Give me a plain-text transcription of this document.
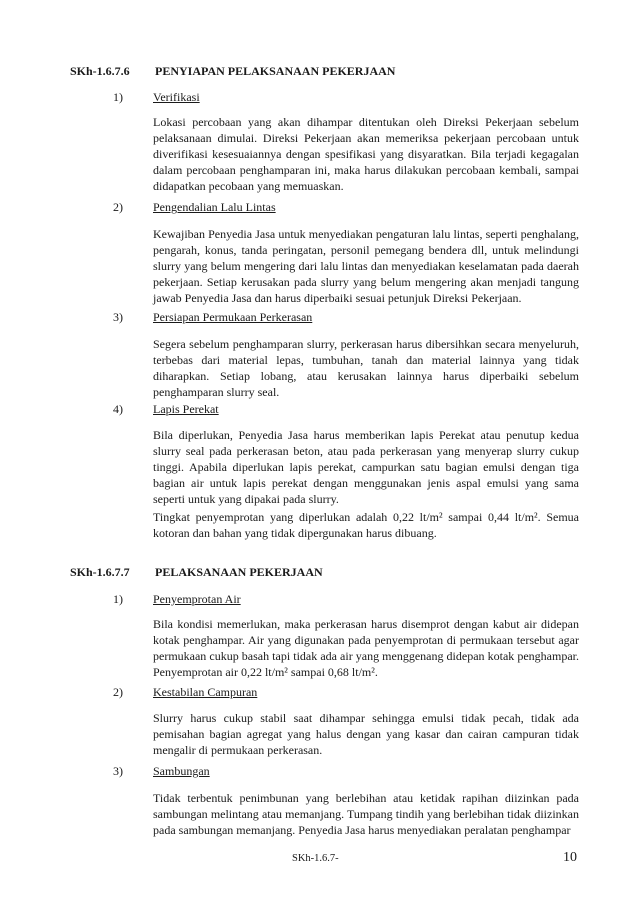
SKh-1.6.7.6 PENYIAPAN PELAKSANAAN PEKERJAAN
1)	Verifikasi

Lokasi percobaan yang akan dihampar ditentukan oleh Direksi Pekerjaan sebelum pelaksanaan dimulai. Direksi Pekerjaan akan memeriksa pekerjaan percobaan untuk diverifikasi kesesuaiannya dengan spesifikasi yang disyaratkan. Bila terjadi kegagalan dalam percobaan penghamparan ini, maka harus dilakukan percobaan kembali, sampai didapatkan pecobaan yang memuaskan.

2)	Pengendalian Lalu Lintas

Kewajiban Penyedia Jasa untuk menyediakan pengaturan lalu lintas, seperti penghalang, pengarah, konus, tanda peringatan, personil pemegang bendera dll, untuk melindungi slurry yang belum mengering dari lalu lintas dan menyediakan keselamatan pada daerah pekerjaan. Setiap kerusakan pada slurry yang belum mengering akan menjadi tangung jawab Penyedia Jasa dan harus diperbaiki sesuai petunjuk Direksi Pekerjaan.

3)	Persiapan Permukaan Perkerasan

Segera sebelum penghamparan slurry, perkerasan harus dibersihkan secara menyeluruh, terbebas dari material lepas, tumbuhan, tanah dan material lainnya yang tidak diharapkan. Setiap lobang, atau kerusakan lainnya harus diperbaiki sebelum penghamparan slurry seal.

4)	Lapis Perekat

Bila diperlukan, Penyedia Jasa harus memberikan lapis Perekat atau penutup kedua slurry seal pada perkerasan beton, atau pada perkerasan yang menyerap slurry cukup tinggi. Apabila diperlukan lapis perekat, campurkan satu bagian emulsi dengan tiga bagian air untuk lapis perekat dengan menggunakan jenis aspal emulsi yang sama seperti untuk yang dipakai pada slurry.

Tingkat penyemprotan yang diperlukan adalah 0,22 lt/m² sampai 0,44 lt/m². Semua kotoran dan bahan yang tidak dipergunakan harus dibuang.

SKh-1.6.7.7 PELAKSANAAN PEKERJAAN
1)	Penyemprotan Air

Bila kondisi memerlukan, maka perkerasan harus disemprot dengan kabut air didepan kotak penghampar. Air yang digunakan pada penyemprotan di permukaan tersebut agar permukaan cukup basah tapi tidak ada air yang menggenang didepan kotak penghampar. Penyemprotan air 0,22 lt/m² sampai 0,68 lt/m².

2)	Kestabilan Campuran

Slurry harus cukup stabil saat dihampar sehingga emulsi tidak pecah, tidak ada pemisahan bagian agregat yang halus dengan yang kasar dan cairan campuran tidak mengalir di permukaan perkerasan.

3)	Sambungan

Tidak terbentuk penimbunan yang berlebihan atau ketidak rapihan diizinkan pada sambungan melintang atau memanjang. Tumpang tindih yang berlebihan tidak diizinkan pada sambungan memanjang. Penyedia Jasa harus menyediakan peralatan penghampar

SKh-1.6.7-	10
